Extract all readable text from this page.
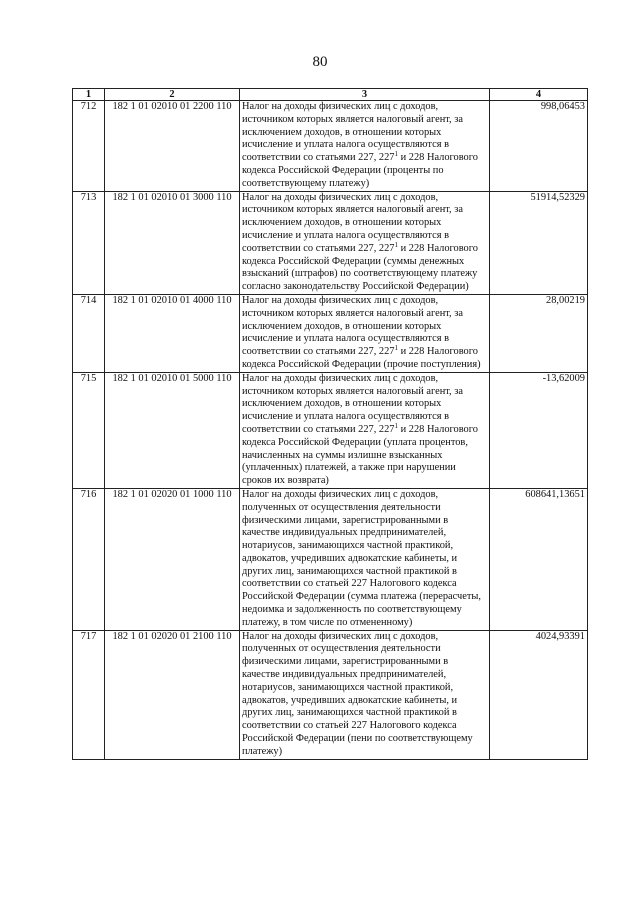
80
1	2	3	4
712	182 1 01 02010 01 2200 110	Налог на доходы физических лиц с доходов, источником которых является налоговый агент, за исключением доходов, в отношении которых исчисление и уплата налога осуществляются в соответствии со статьями 227, $227^1$ и 228 Налогового кодекса Российской Федерации (проценты по соответствующему платежу)	998,06453
713	182 1 01 02010 01 3000 110	Налог на доходы физических лиц с доходов, источником которых является налоговый агент, за исключением доходов, в отношении которых исчисление и уплата налога осуществляются в соответствии со статьями 227, $227^1$ и 228 Налогового кодекса Российской Федерации (суммы денежных взысканий (штрафов) по соответствующему платежу согласно законодательству Российской Федерации)	51914,52329
714	182 1 01 02010 01 4000 110	Налог на доходы физических лиц с доходов, источником которых является налоговый агент, за исключением доходов, в отношении которых исчисление и уплата налога осуществляются в соответствии со статьями 227, $227^1$ и 228 Налогового кодекса Российской Федерации (прочие поступления)	28,00219
715	182 1 01 02010 01 5000 110	Налог на доходы физических лиц с доходов, источником которых является налоговый агент, за исключением доходов, в отношении которых исчисление и уплата налога осуществляются в соответствии со статьями 227, $227^1$ и 228 Налогового кодекса Российской Федерации (уплата процентов, начисленных на суммы излишне взысканных (уплаченных) платежей, а также при нарушении сроков их возврата)	-13,62009
716	182 1 01 02020 01 1000 110	Налог на доходы физических лиц с доходов, полученных от осуществления деятельности физическими лицами, зарегистрированными в качестве индивидуальных предпринимателей, нотариусов, занимающихся частной практикой, адвокатов, учредивших адвокатские кабинеты, и других лиц, занимающихся частной практикой в соответствии со статьей 227 Налогового кодекса Российской Федерации (сумма платежа (перерасчеты, недоимка и задолженность по соответствующему платежу, в том числе по отмененному)	608641,13651
717	182 1 01 02020 01 2100 110	Налог на доходы физических лиц с доходов, полученных от осуществления деятельности физическими лицами, зарегистрированными в качестве индивидуальных предпринимателей, нотариусов, занимающихся частной практикой, адвокатов, учредивших адвокатские кабинеты, и других лиц, занимающихся частной практикой в соответствии со статьей 227 Налогового кодекса Российской Федерации (пени по соответствующему платежу)	4024,93391
